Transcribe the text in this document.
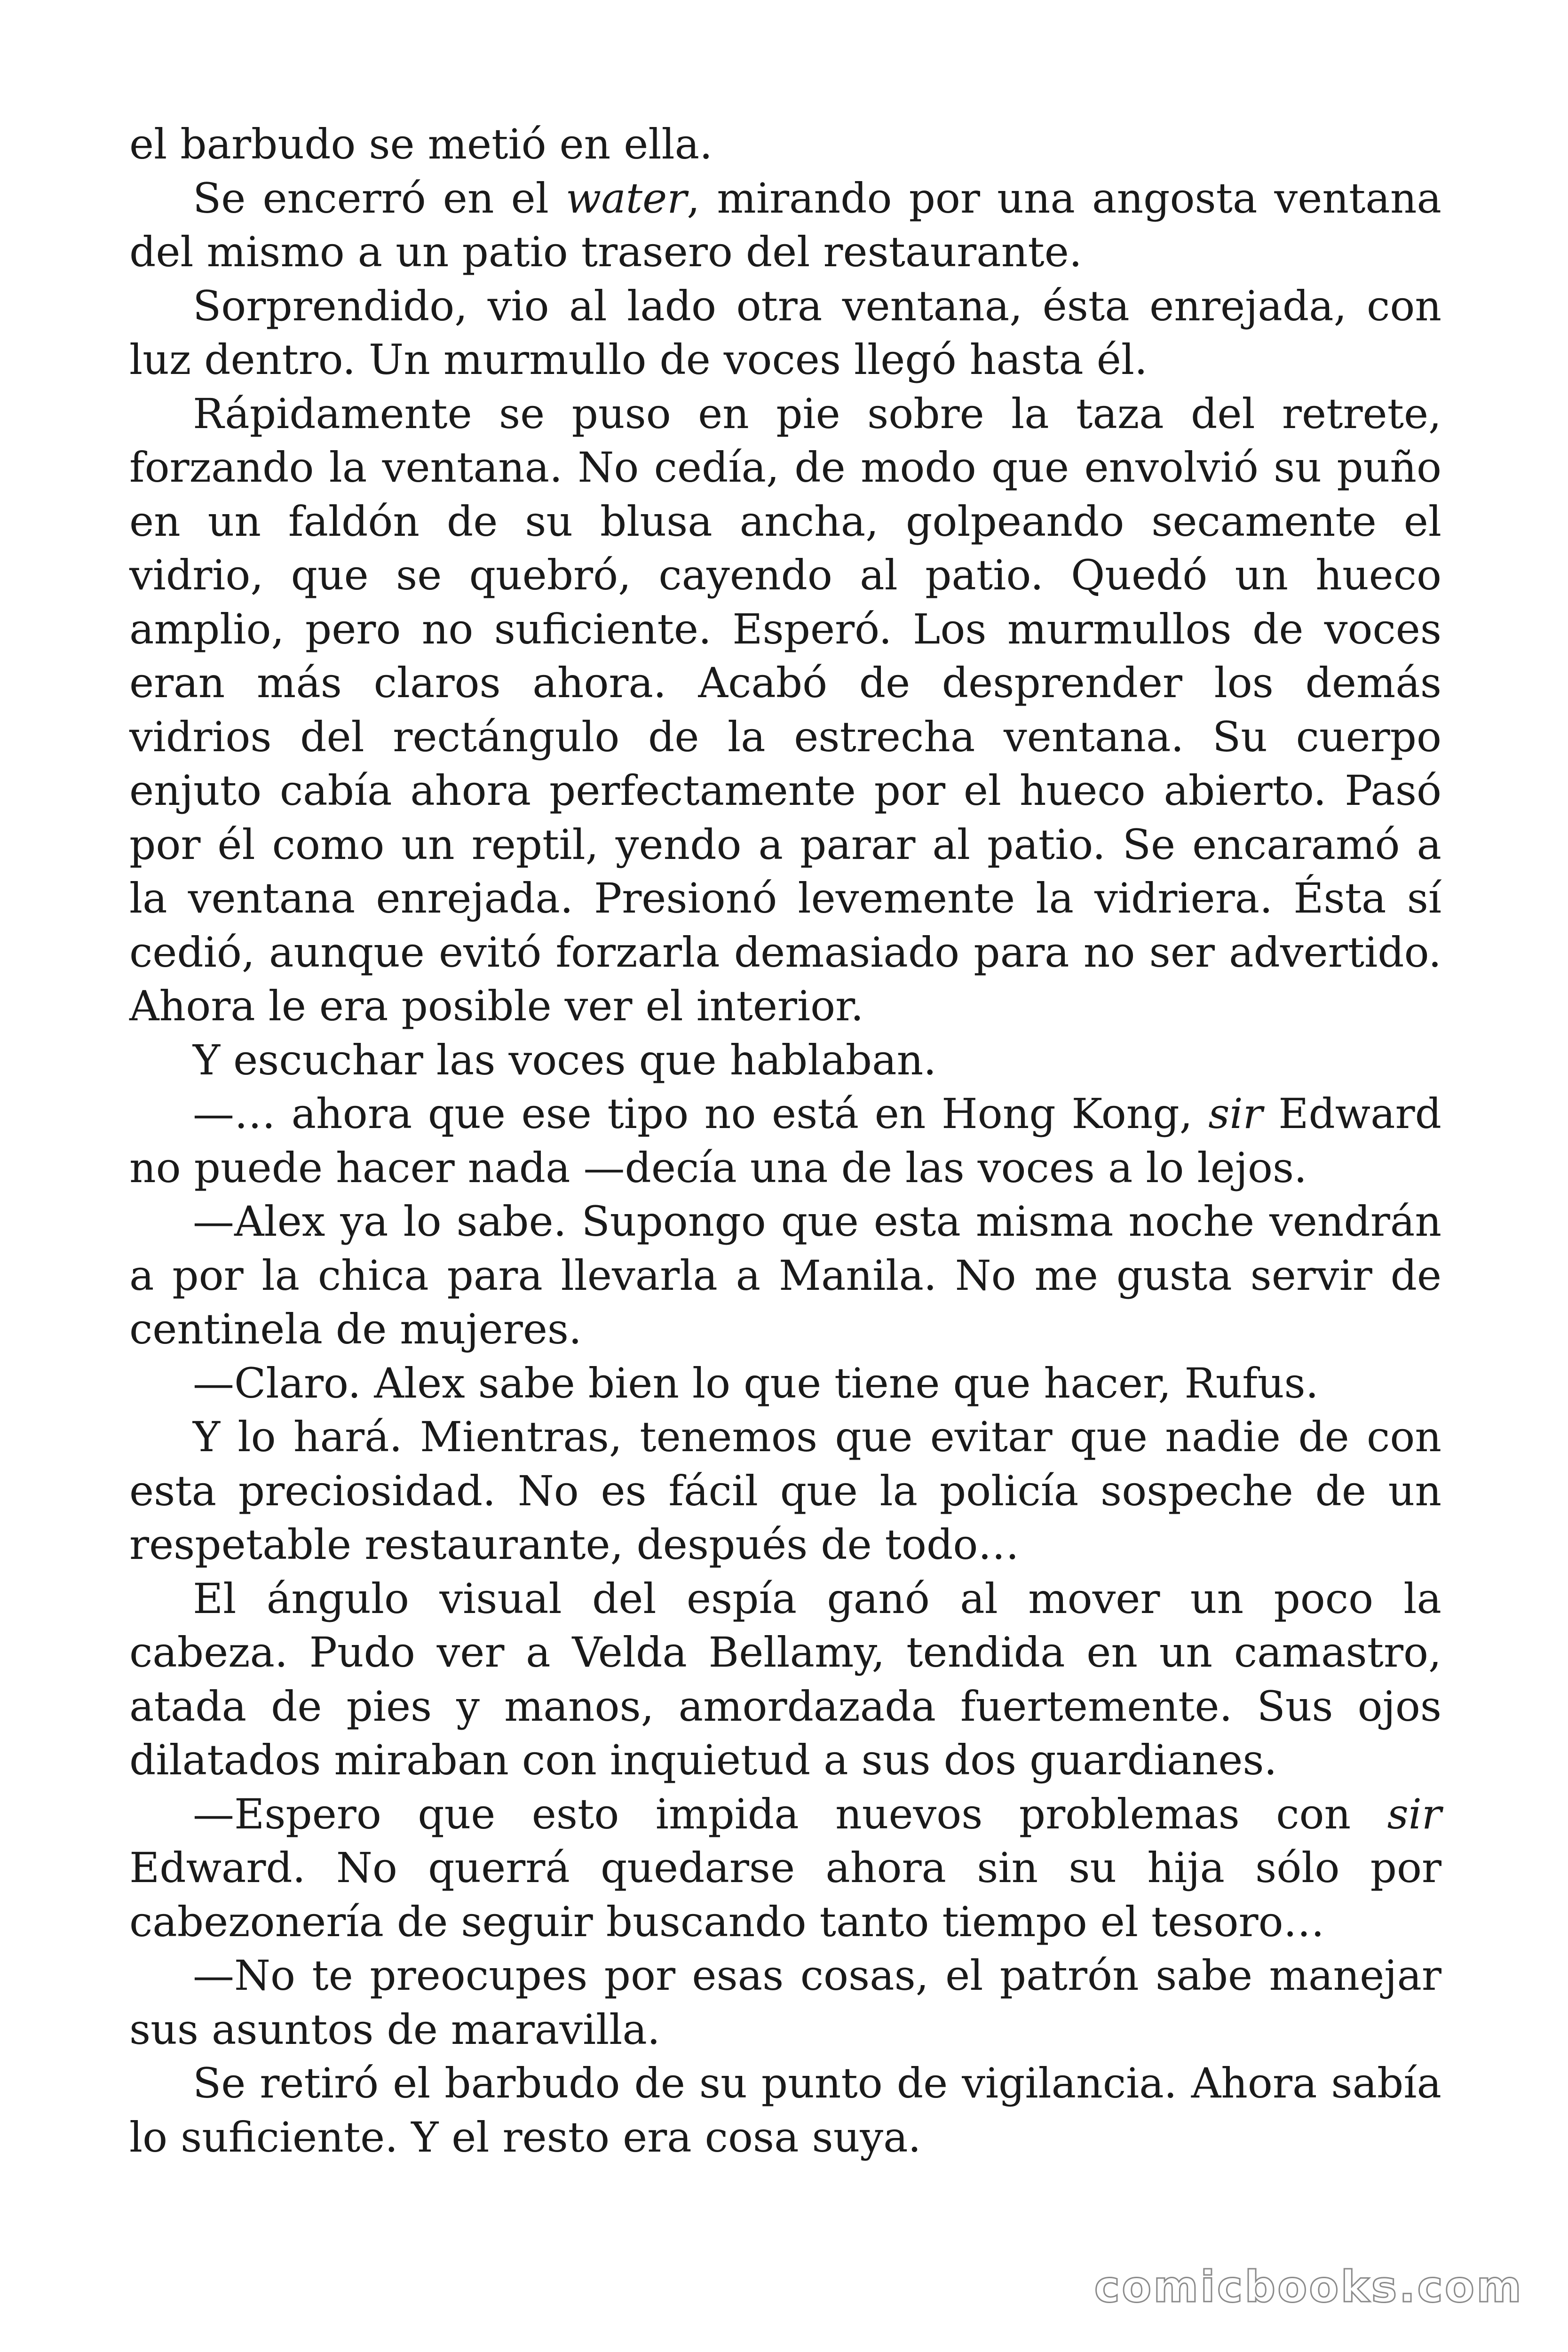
el barbudo se metió en ella.

Se encerró en el water, mirando por una angosta ventana del mismo a un patio trasero del restaurante.

Sorprendido, vio al lado otra ventana, ésta enrejada, con luz dentro. Un murmullo de voces llegó hasta él.

Rápidamente se puso en pie sobre la taza del retrete, forzando la ventana. No cedía, de modo que envolvió su puño en un faldón de su blusa ancha, golpeando secamente el vidrio, que se quebró, cayendo al patio. Quedó un hueco amplio, pero no suficiente. Esperó. Los murmullos de voces eran más claros ahora. Acabó de desprender los demás vidrios del rectángulo de la estrecha ventana. Su cuerpo enjuto cabía ahora perfectamente por el hueco abierto. Pasó por él como un reptil, yendo a parar al patio. Se encaramó a la ventana enrejada. Presionó levemente la vidriera. Ésta sí cedió, aunque evitó forzarla demasiado para no ser advertido. Ahora le era posible ver el interior.

Y escuchar las voces que hablaban.

—… ahora que ese tipo no está en Hong Kong, sir Edward no puede hacer nada —decía una de las voces a lo lejos.

—Alex ya lo sabe. Supongo que esta misma noche vendrán a por la chica para llevarla a Manila. No me gusta servir de centinela de mujeres.

—Claro. Alex sabe bien lo que tiene que hacer, Rufus.

Y lo hará. Mientras, tenemos que evitar que nadie de con esta preciosidad. No es fácil que la policía sospeche de un respetable restaurante, después de todo…

El ángulo visual del espía ganó al mover un poco la cabeza. Pudo ver a Velda Bellamy, tendida en un camastro, atada de pies y manos, amordazada fuertemente. Sus ojos dilatados miraban con inquietud a sus dos guardianes.

—Espero que esto impida nuevos problemas con sir Edward. No querrá quedarse ahora sin su hija sólo por cabezonería de seguir buscando tanto tiempo el tesoro…

—No te preocupes por esas cosas, el patrón sabe manejar sus asuntos de maravilla.

Se retiró el barbudo de su punto de vigilancia. Ahora sabía lo suficiente. Y el resto era cosa suya.

comicbooks.com
